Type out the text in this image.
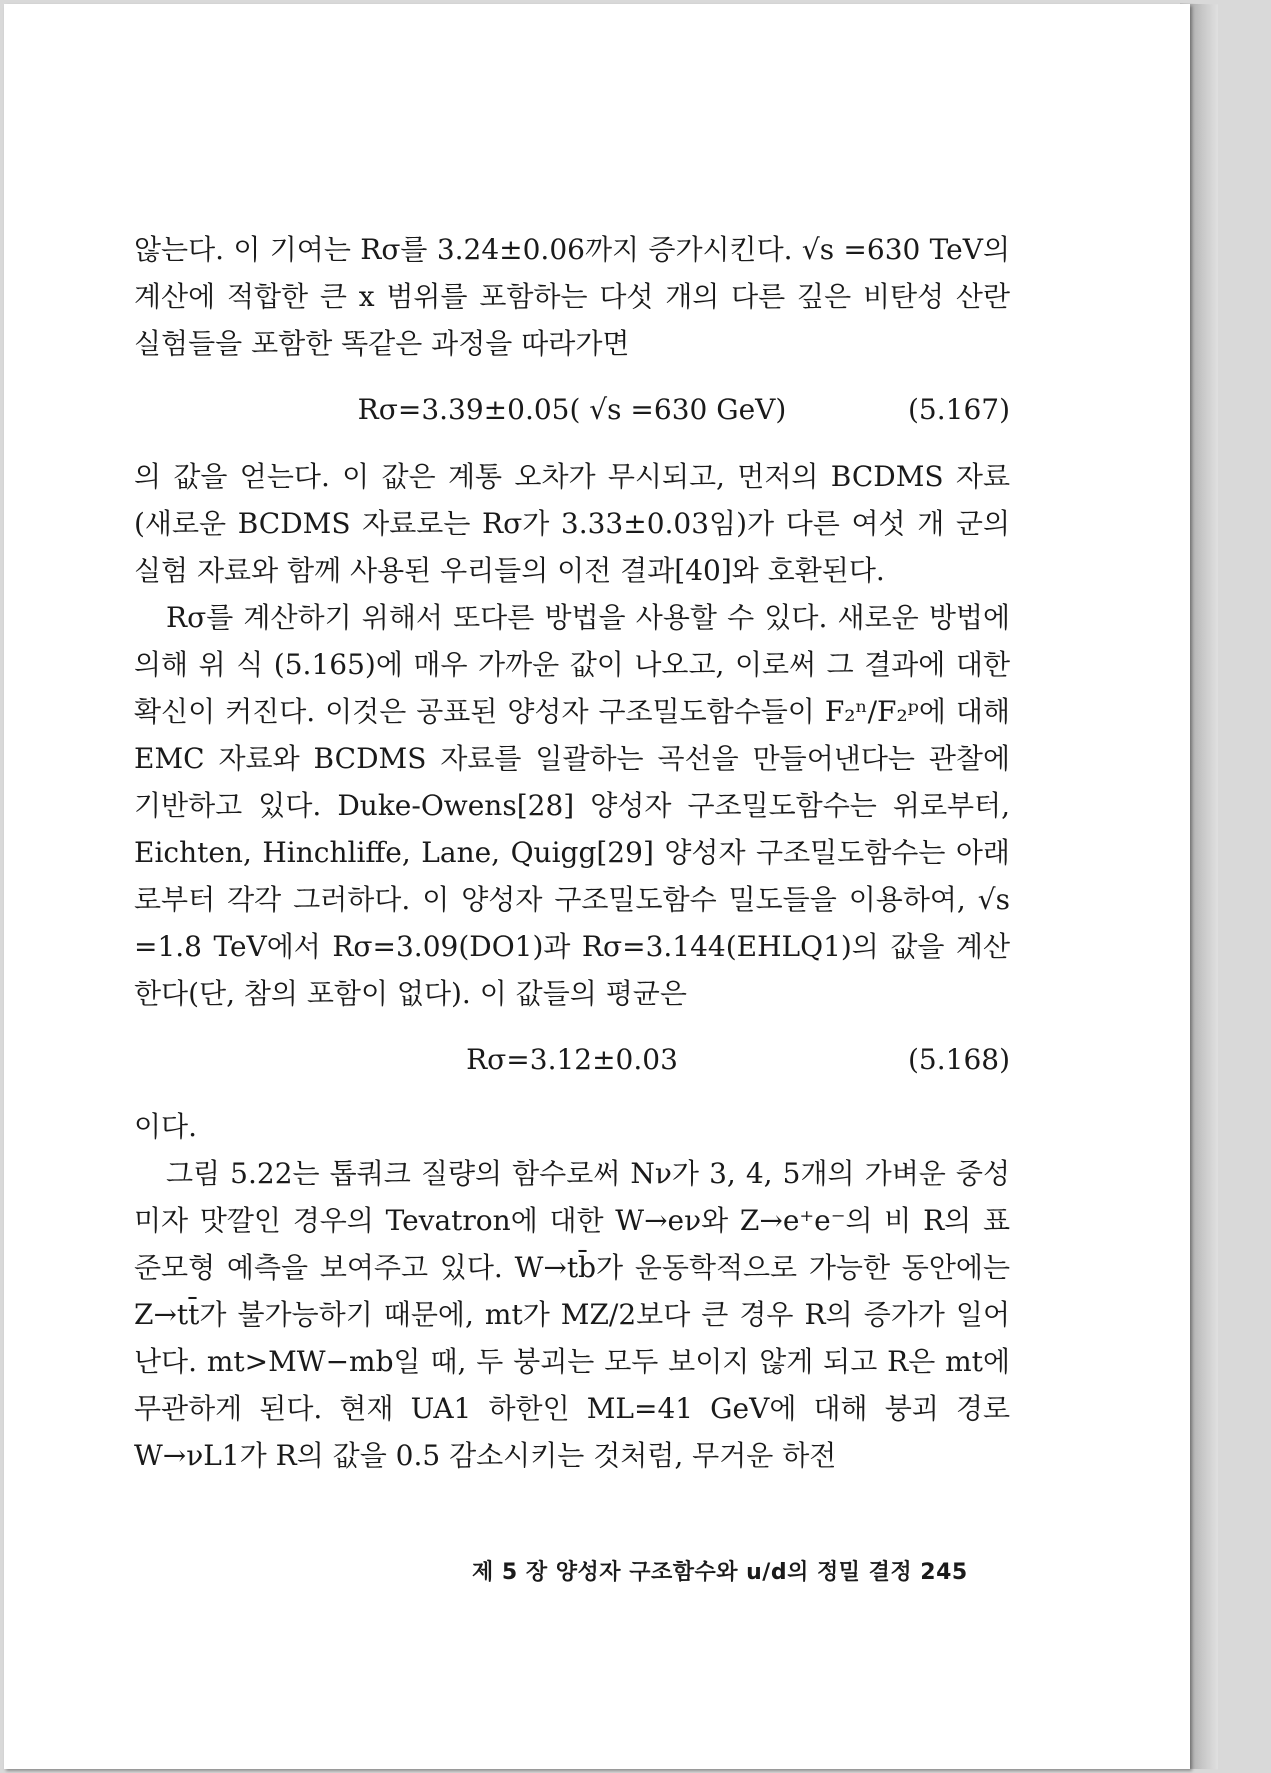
않는다. 이 기여는 Rσ를 3.24±0.06까지 증가시킨다. √s =630 TeV의 계산에 적합한 큰 x 범위를 포함하는 다섯 개의 다른 깊은 비탄성 산란 실험들을 포함한 똑같은 과정을 따라가면

Rσ=3.39±0.05( √s =630 GeV)	(5.167)

의 값을 얻는다. 이 값은 계통 오차가 무시되고, 먼저의 BCDMS 자료(새로운 BCDMS 자료로는 Rσ가 3.33±0.03임)가 다른 여섯 개 군의 실험 자료와 함께 사용된 우리들의 이전 결과[40]와 호환된다.

Rσ를 계산하기 위해서 또다른 방법을 사용할 수 있다. 새로운 방법에 의해 위 식 (5.165)에 매우 가까운 값이 나오고, 이로써 그 결과에 대한 확신이 커진다. 이것은 공표된 양성자 구조밀도함수들이 F₂ⁿ/F₂ᵖ에 대해 EMC 자료와 BCDMS 자료를 일괄하는 곡선을 만들어낸다는 관찰에 기반하고 있다. Duke-Owens[28] 양성자 구조밀도함수는 위로부터, Eichten, Hinchliffe, Lane, Quigg[29] 양성자 구조밀도함수는 아래로부터 각각 그러하다. 이 양성자 구조밀도함수 밀도들을 이용하여, √s =1.8 TeV에서 Rσ=3.09(DO1)과 Rσ=3.144(EHLQ1)의 값을 계산한다(단, 참의 포함이 없다). 이 값들의 평균은

Rσ=3.12±0.03	(5.168)

이다.

그림 5.22는 톱쿼크 질량의 함수로써 Nν가 3, 4, 5개의 가벼운 중성미자 맛깔인 경우의 Tevatron에 대한 W→eν와 Z→e⁺e⁻의 비 R의 표준모형 예측을 보여주고 있다. W→tb̄가 운동학적으로 가능한 동안에는 Z→tt̄가 불가능하기 때문에, mt가 MZ/2보다 큰 경우 R의 증가가 일어난다. mt>MW−mb일 때, 두 붕괴는 모두 보이지 않게 되고 R은 mt에 무관하게 된다. 현재 UA1 하한인 ML=41 GeV에 대해 붕괴 경로 W→νL1가 R의 값을 0.5 감소시키는 것처럼, 무거운 하전

제 5 장 양성자 구조함수와 u/d의 정밀 결정 245
